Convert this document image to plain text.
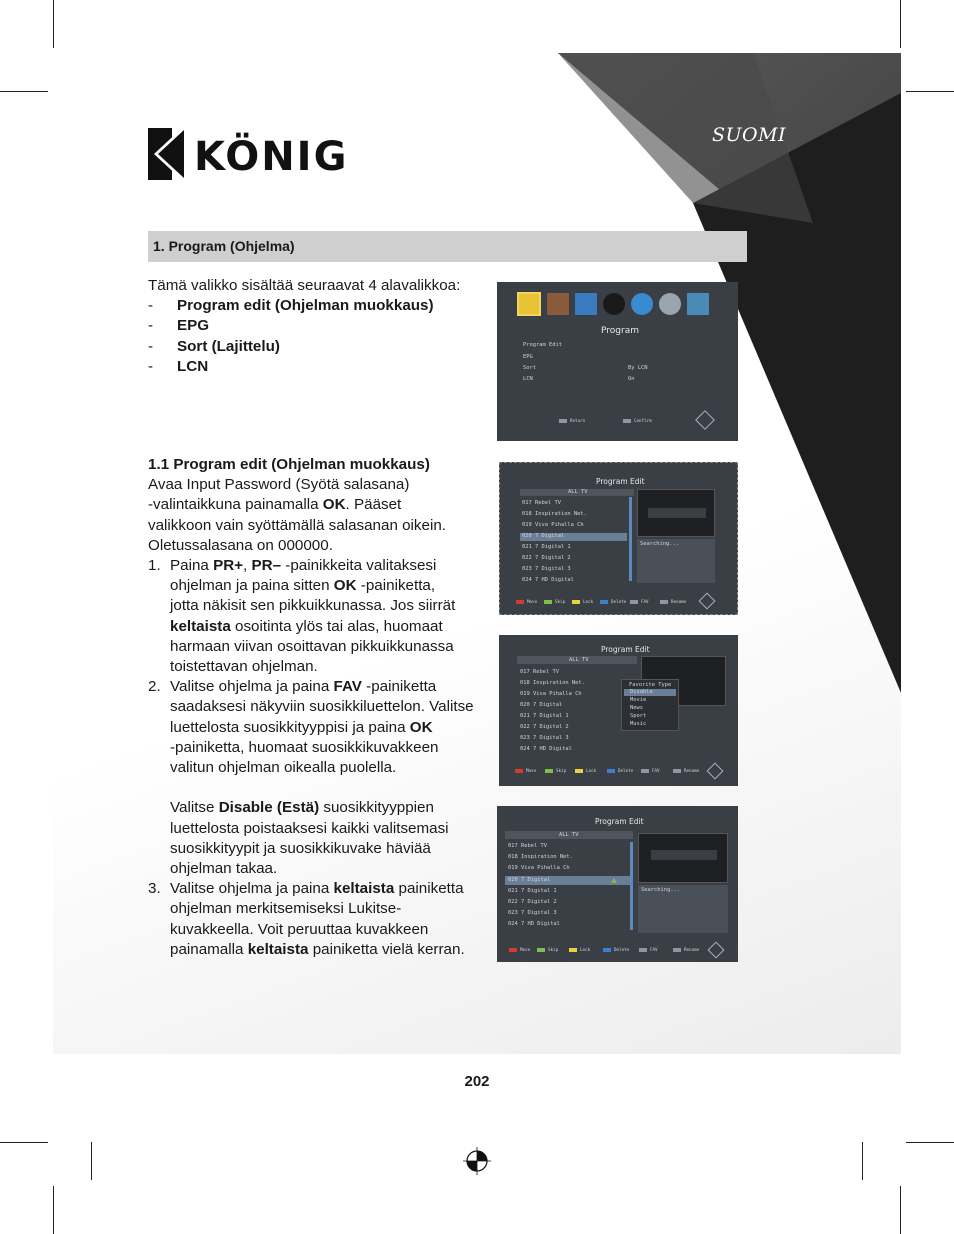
KÖNIG	SUOMI
1. Program (Ohjelma)
Tämä valikko sisältää seuraavat 4 alavalikkoa:
-	Program edit (Ohjelman muokkaus)
-	EPG
-	Sort (Lajittelu)
-	LCN
1.1 Program edit (Ohjelman muokkaus)
Avaa Input Password (Syötä salasana)
-valintaikkuna painamalla OK. Pääset
valikkoon vain syöttämällä salasanan oikein.
Oletussalasana on 000000.
1. Paina PR+, PR– -painikkeita valitaksesi
ohjelman ja paina sitten OK -painiketta,
jotta näkisit sen pikkuikkunassa. Jos siirrät
keltaista osoitinta ylös tai alas, huomaat
harmaan viivan osoittavan pikkuikkunassa
toistettavan ohjelman.
2. Valitse ohjelma ja paina FAV -painiketta
saadaksesi näkyviin suosikkiluettelon. Valitse
luettelosta suosikkityyppisi ja paina OK
-painiketta, huomaat suosikkikuvakkeen
valitun ohjelman oikealla puolella.
Valitse Disable (Estä) suosikkityyppien
luettelosta poistaaksesi kaikki valitsemasi
suosikkityypit ja suosikkikuvake häviää
ohjelman takaa.
3. Valitse ohjelma ja paina keltaista painiketta
ohjelman merkitsemiseksi Lukitse-
kuvakkeella. Voit peruuttaa kuvakkeen
painamalla keltaista painiketta vielä kerran.
Program
Program Edit
EPG
Sort	By LCN
LCN	On
Return	Confirm
Program Edit
ALL TV
017 Rebel TV
018 Inspiration Net.
019 Viva Pihalla Ch
020 7 Digital
021 7 Digital 1
022 7 Digital 2
023 7 Digital 3
024 7 HD Digital
Searching...
Move	Skip	Lock	Delete	FAV	Rename
Program Edit
ALL TV
017 Rebel TV
018 Inspiration Net.
019 Viva Pihalla Ch
020 7 Digital
021 7 Digital 1
022 7 Digital 2
023 7 Digital 3
024 7 HD Digital
Favorite Type
Disable
Movie
News
Sport
Music
Move	Skip	Lock	Delete	FAV	Rename
Program Edit
ALL TV
017 Rebel TV
018 Inspiration Net.
019 Viva Pihalla Ch
020 7 Digital
021 7 Digital 1
022 7 Digital 2
023 7 Digital 3
024 7 HD Digital
Searching...
Move	Skip	Lock	Delete	FAV	Rename
202
